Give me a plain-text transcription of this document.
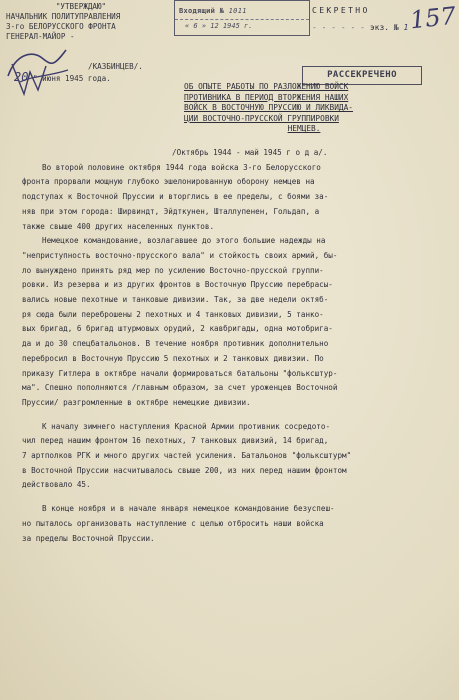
"УТВЕРЖДАЮ"
НАЧАЛЬНИК ПОЛИТУПРАВЛЕНИЯ
3-го БЕЛОРУССКОГО ФРОНТА
ГЕНЕРАЛ-МАЙОР -
/КАЗБИНЦЕВ/.
20 " июня 1945 года.
Входящий № 1011
« 6 » 12 1945 г.
СЕКРЕТНО
- - - - - - экз. № 1 157
РАССЕКРЕЧЕНО
ОБ ОПЫТЕ РАБОТЫ ПО РАЗЛОЖЕНИЮ ВОЙСК
ПРОТИВНИКА В ПЕРИОД ВТОРЖЕНИЯ НАШИХ
ВОЙСК В ВОСТОЧНУЮ ПРУССИЮ И ЛИКВИДА-
ЦИИ ВОСТОЧНО-ПРУССКОЙ ГРУППИРОВКИ
НЕМЦЕВ.
/Октябрь 1944 - май 1945 г о д а/.
Во второй половине октября 1944 года войска 3-го Белорусского
фронта прорвали мощную глубоко эшелонированную оборону немцев на
подступах к Восточной Пруссии и вторглись в ее пределы, с боями за-
няв при этом города: Ширвиндт, Эйдткунен, Шталлупенен, Гольдап, а
также свыше 400 других населенных пунктов.
Немецкое командование, возлагавшее до этого большие надежды на
"неприступность восточно-прусского вала" и стойкость своих армий, бы-
ло вынуждено принять ряд мер по усилению Восточно-прусской группи-
ровки. Из резерва и из других фронтов в Восточную Пруссию перебрасы-
вались новые пехотные и танковые дивизии. Так, за две недели октяб-
ря сюда были переброшены 2 пехотных и 4 танковых дивизии, 5 танко-
вых бригад, 6 бригад штурмовых орудий, 2 кавбригады, одна мотобрига-
да и до 30 спецбатальонов. В течение ноября противник дополнительно
перебросил в Восточную Пруссию 5 пехотных и 2 танковых дивизии. По
приказу Гитлера в октябре начали формироваться батальоны "фольксштур-
ма". Спешно пополняются /главным образом, за счет уроженцев Восточной
Пруссии/ разгромленные в октябре немецкие дивизии.
К началу зимнего наступления Красной Армии противник сосредото-
чил перед нашим фронтом 16 пехотных, 7 танковых дивизий, 14 бригад,
7 артполков РГК и много других частей усиления. Батальонов "фольксштурм"
в Восточной Пруссии насчитывалось свыше 200, из них перед нашим фронтом
действовало 45.
В конце ноября и в начале января немецкое командование безуспеш-
но пыталось организовать наступление с целью отбросить наши войска
за пределы Восточной Пруссии.
